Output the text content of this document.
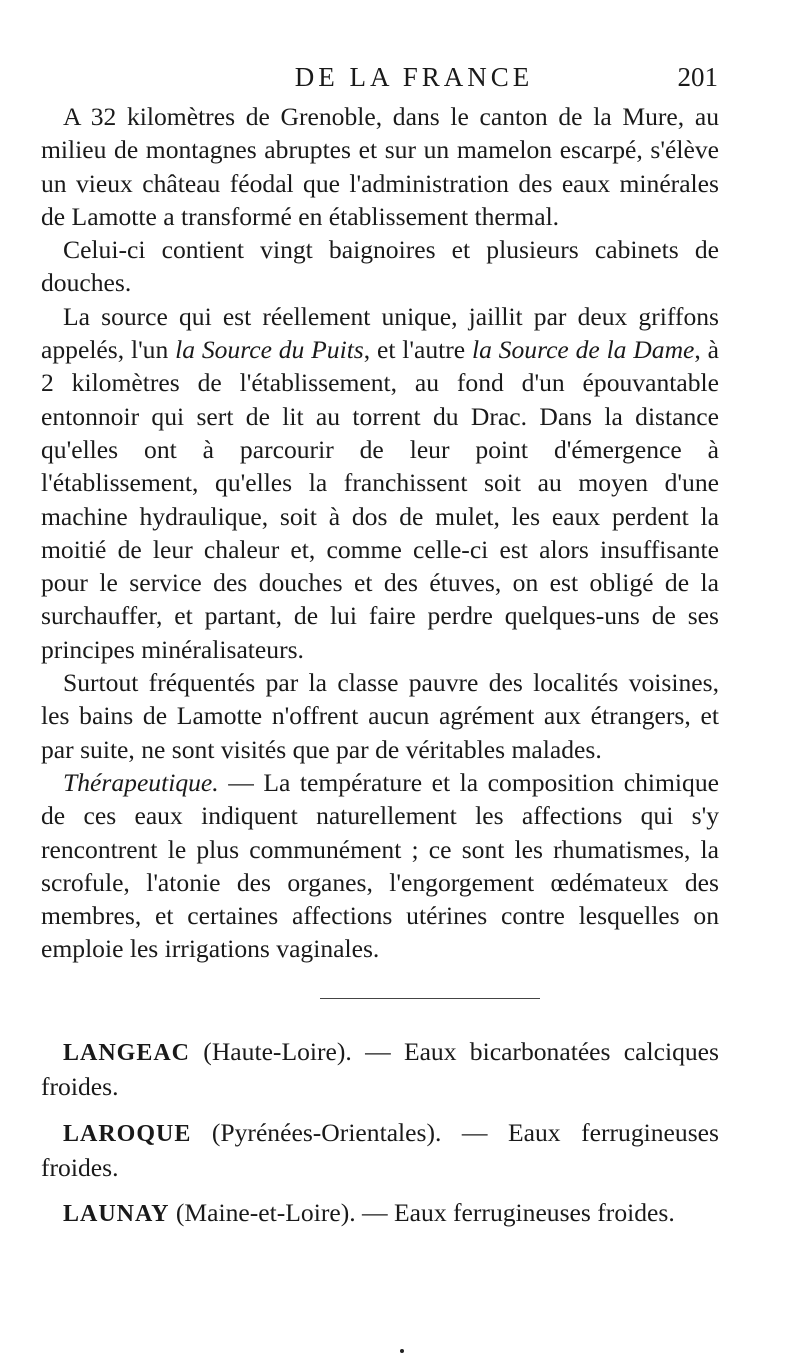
DE LA FRANCE	201

A 32 kilomètres de Grenoble, dans le canton de la Mure, au milieu de montagnes abruptes et sur un mamelon escarpé, s'élève un vieux château féodal que l'administration des eaux minérales de Lamotte a transformé en établissement thermal.

Celui-ci contient vingt baignoires et plusieurs cabinets de douches.

La source qui est réellement unique, jaillit par deux griffons appelés, l'un la Source du Puits, et l'autre la Source de la Dame, à 2 kilomètres de l'établissement, au fond d'un épouvantable entonnoir qui sert de lit au torrent du Drac. Dans la distance qu'elles ont à parcourir de leur point d'émergence à l'établissement, qu'elles la franchissent soit au moyen d'une machine hydraulique, soit à dos de mulet, les eaux perdent la moitié de leur chaleur et, comme celle-ci est alors insuffisante pour le service des douches et des étuves, on est obligé de la surchauffer, et partant, de lui faire perdre quelques-uns de ses principes minéralisateurs.

Surtout fréquentés par la classe pauvre des localités voisines, les bains de Lamotte n'offrent aucun agrément aux étrangers, et par suite, ne sont visités que par de véritables malades.

Thérapeutique. — La température et la composition chimique de ces eaux indiquent naturellement les affections qui s'y rencontrent le plus communément ; ce sont les rhumatismes, la scrofule, l'atonie des organes, l'engorgement œdémateux des membres, et certaines affections utérines contre lesquelles on emploie les irrigations vaginales.

LANGEAC (Haute-Loire). — Eaux bicarbonatées calciques froides.

LAROQUE (Pyrénées-Orientales). — Eaux ferrugineuses froides.

LAUNAY (Maine-et-Loire). — Eaux ferrugineuses froides.
